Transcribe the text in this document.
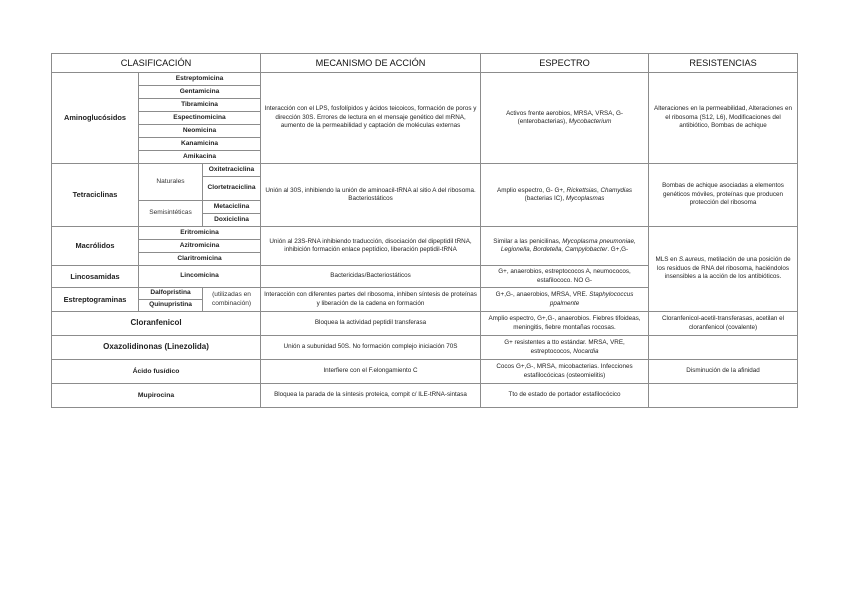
CLASIFICACIÓN			MECANISMO DE ACCIÓN	ESPECTRO	RESISTENCIAS
Aminoglucósidos	Estreptomicina		Interacción con el LPS, fosfolípidos y ácidos teicoicos, formación de poros y dirección 30S. Errores de lectura en el mensaje genético del mRNA, aumento de la permeabilidad y captación de moléculas externas	Activos frente aerobios, MRSA, VRSA, G- (enterobacterias), Mycobacterium	Alteraciones en la permeabilidad, Alteraciones en el ribosoma (S12, L6), Modificaciones del antibiótico, Bombas de achique
	Gentamicina				
	Tibramicina				
	Espectinomicina				
	Neomicina				
	Kanamicina				
	Amikacina				
Tetraciclinas	Naturales	Oxitetraciclina	Unión al 30S, inhibiendo la unión de aminoacil-tRNA al sitio A del ribosoma. Bacteriostáticos	Amplio espectro, G- G+, Rickettsias, Chamydias (bacterias IC), Mycoplasmas	Bombas de achique asociadas a elementos genéticos móviles, proteínas que producen protección del ribosoma
		Clortetraciclina			
	Semisintéticas	Metaciclina			
		Doxiciclina			
Macrólidos	Eritromicina		Unión al 23S-RNA inhibiendo traducción, disociación del dipeptidil tRNA, inhibición formación enlace peptídico, liberación peptidil-tRNA	Similar a las penicilinas, Mycoplasma pneumoniae, Legionella, Bordetella, Campylobacter. G+,G-	MLS en S.aureus, metilación de una posición de los residuos de RNA del ribosoma, haciéndolos insensibles a la acción de los antibióticos.
	Azitromicina				
	Claritromicina				
Lincosamidas	Lincomicina		Bactericidas/Bacteriostáticos	G+, anaerobios, estreptococos A, neumococos, estafilococo. NO G-	
Estreptograminas	Dalfopristina	(utilizadas en combinación)	Interacción con diferentes partes del ribosoma, inhiben síntesis de proteínas y liberación de la cadena en formación	G+,G-, anaerobios, MRSA, VRE. Staphylococcus ppalmente	
	Quinupristina				
Cloranfenicol			Bloquea la actividad peptidil transferasa	Amplio espectro, G+,G-, anaerobios. Fiebres tifoideas, meningitis, fiebre montañas rocosas.	Cloranfenicol-acetil-transferasas, acetilan el cloranfenicol (covalente)
Oxazolidinonas (Linezolida)			Unión a subunidad 50S. No formación complejo iniciación 70S	G+ resistentes a tto estándar. MRSA, VRE, estreptococos, Nocardia	
Ácido fusídico			Interfiere con el F.elongamiento C	Cocos G+,G-, MRSA, micobacterias. Infecciones estafilocócicas (osteomielitis)	Disminución de la afinidad
Mupirocina			Bloquea la parada de la síntesis proteica, compit c/ ILE-tRNA-sintasa	Tto de estado de portador estafilocócico	
